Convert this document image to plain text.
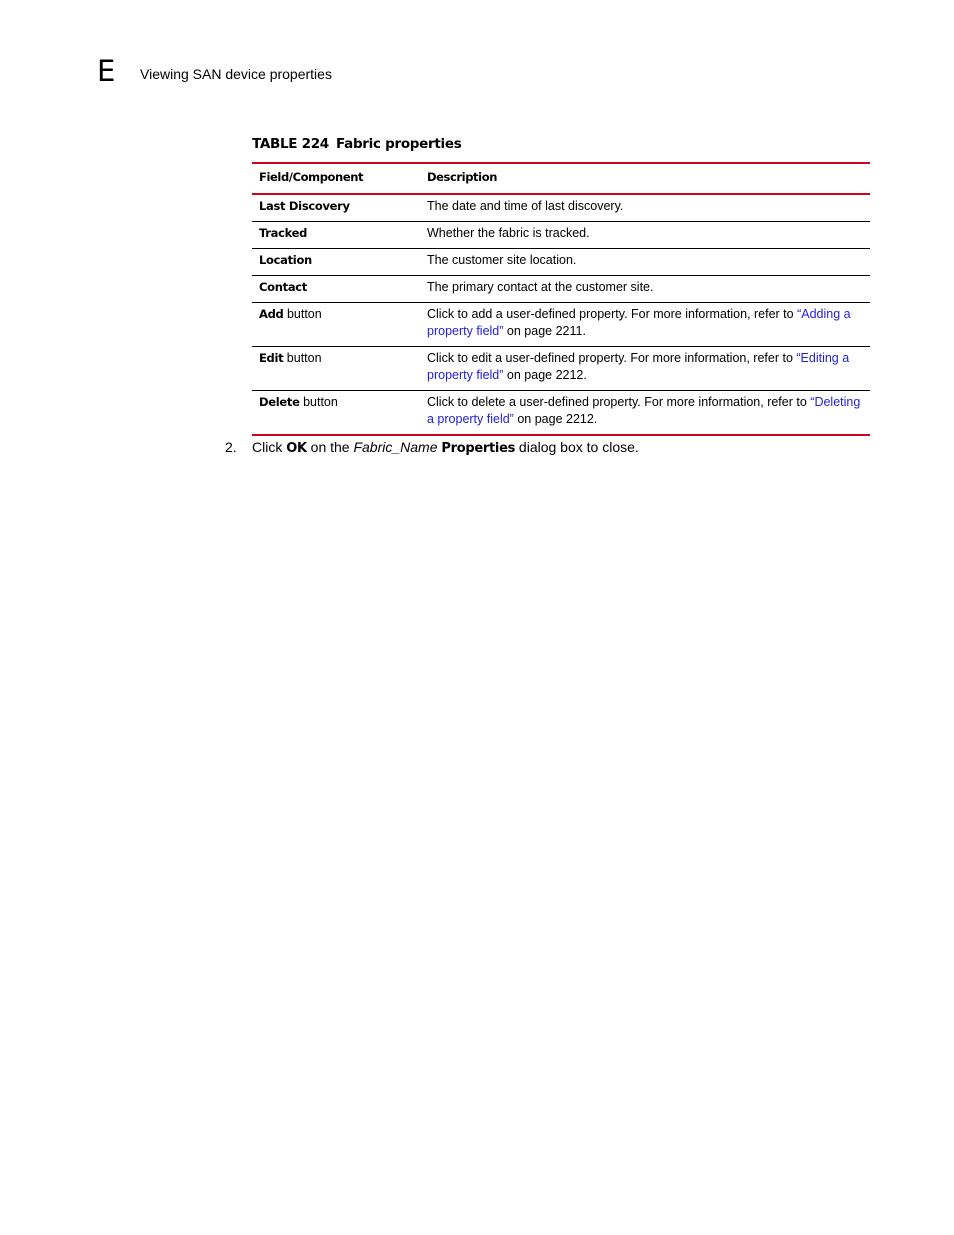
E Viewing SAN device properties
TABLE 224 Fabric properties
Field/Component	Description
Last Discovery	The date and time of last discovery.
Tracked	Whether the fabric is tracked.
Location	The customer site location.
Contact	The primary contact at the customer site.
Add button	Click to add a user-defined property. For more information, refer to “Adding a property field” on page 2211.
Edit button	Click to edit a user-defined property. For more information, refer to “Editing a property field” on page 2212.
Delete button	Click to delete a user-defined property. For more information, refer to “Deleting a property field” on page 2212.
2. Click OK on the Fabric_Name Properties dialog box to close.
